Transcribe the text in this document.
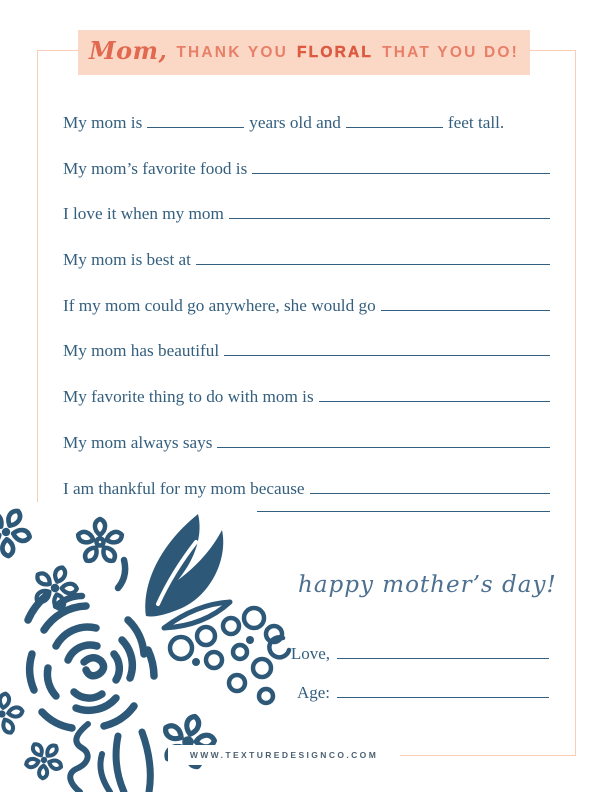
Mom, THANK YOU FLORAL THAT YOU DO!
My mom is	years old and	feet tall.
My mom’s favorite food is
I love it when my mom
My mom is best at
If my mom could go anywhere, she would go
My mom has beautiful
My favorite thing to do with mom is
My mom always says
I am thankful for my mom because
happy mother’s day!
Love,
Age:
WWW.TEXTUREDESIGNCO.COM
